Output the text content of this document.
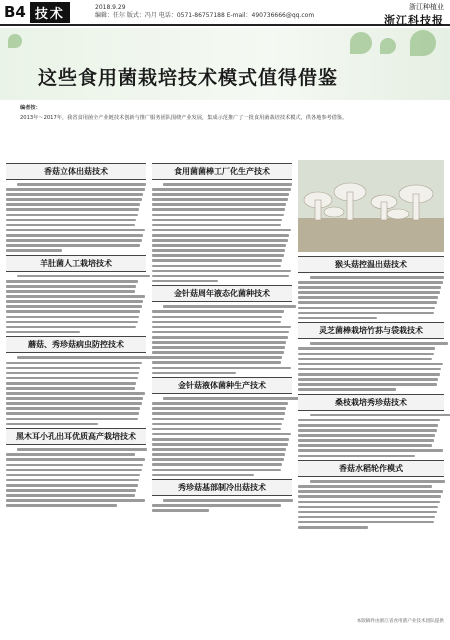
B4 技术	2018.9.29
编辑：任尔 版式：冯月 电话：0571-86757188 E-mail：490736666@qq.com
浙江种植业
浙江科技报
这些食用菌栽培技术模式值得借鉴
编者按：
2013年～2017年，我省食用菌全产业链技术创新与推广服务团队围绕产业发展，集成示范推广了一批食用菌栽培技术模式，供各地参考借鉴。
香菇立体出菇技术
羊肚菌人工栽培技术
蘑菇、秀珍菇病虫防控技术
黑木耳小孔出耳优质高产栽培技术
食用菌菌棒工厂化生产技术
金针菇周年液态化菌种技术
金针菇液体菌种生产技术
秀珍菇基部制冷出菇技术
猴头菇控温出菇技术
灵芝菌棒栽培竹荪与袋栽技术
桑枝栽培秀珍菇技术
香菇水稻轮作模式
本版稿件由浙江省食用菌产业技术团队提供
